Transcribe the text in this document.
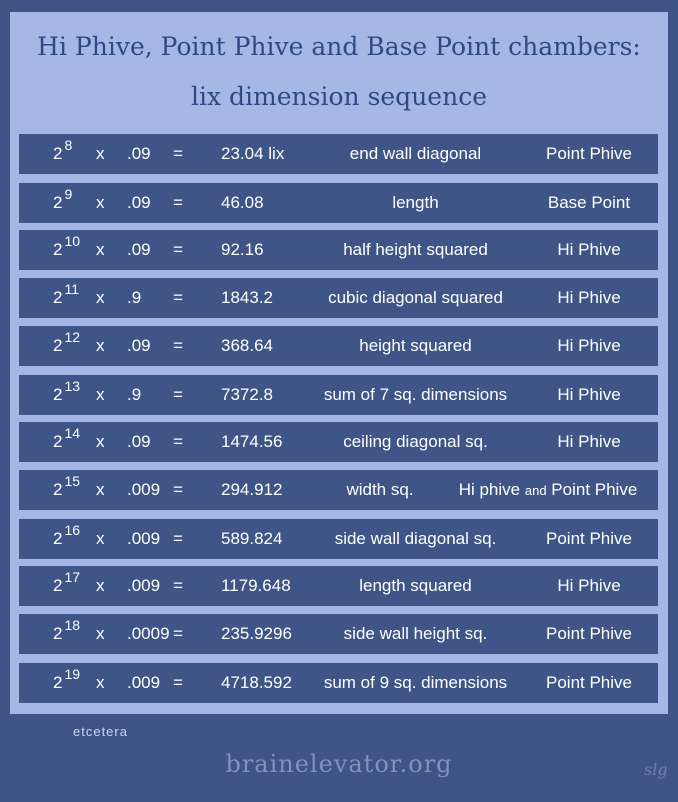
Hi Phive, Point Phive and Base Point chambers:
lix dimension sequence
2 $^8$ x .09 = 23.04 lix	end wall diagonal	Point Phive
2 $^9$ x .09 = 46.08	length	Base Point
2 $^{10}$ x .09 = 92.16	half height squared	Hi Phive
2 $^{11}$ x .9 = 1843.2	cubic diagonal squared	Hi Phive
2 $^{12}$ x .09 = 368.64	height squared	Hi Phive
2 $^{13}$ x .9 = 7372.8	sum of 7 sq. dimensions	Hi Phive
2 $^{14}$ x .09 = 1474.56	ceiling diagonal sq.	Hi Phive
2 $^{15}$ x .009 = 294.912	width sq.	Hi phive and Point Phive
2 $^{16}$ x .009 = 589.824	side wall diagonal sq.	Point Phive
2 $^{17}$ x .009 = 1179.648	length squared	Hi Phive
2 $^{18}$ x .0009 = 235.9296	side wall height sq.	Point Phive
2 $^{19}$ x .009 = 4718.592	sum of 9 sq. dimensions	Point Phive
etcetera
brainelevator.org	slg
